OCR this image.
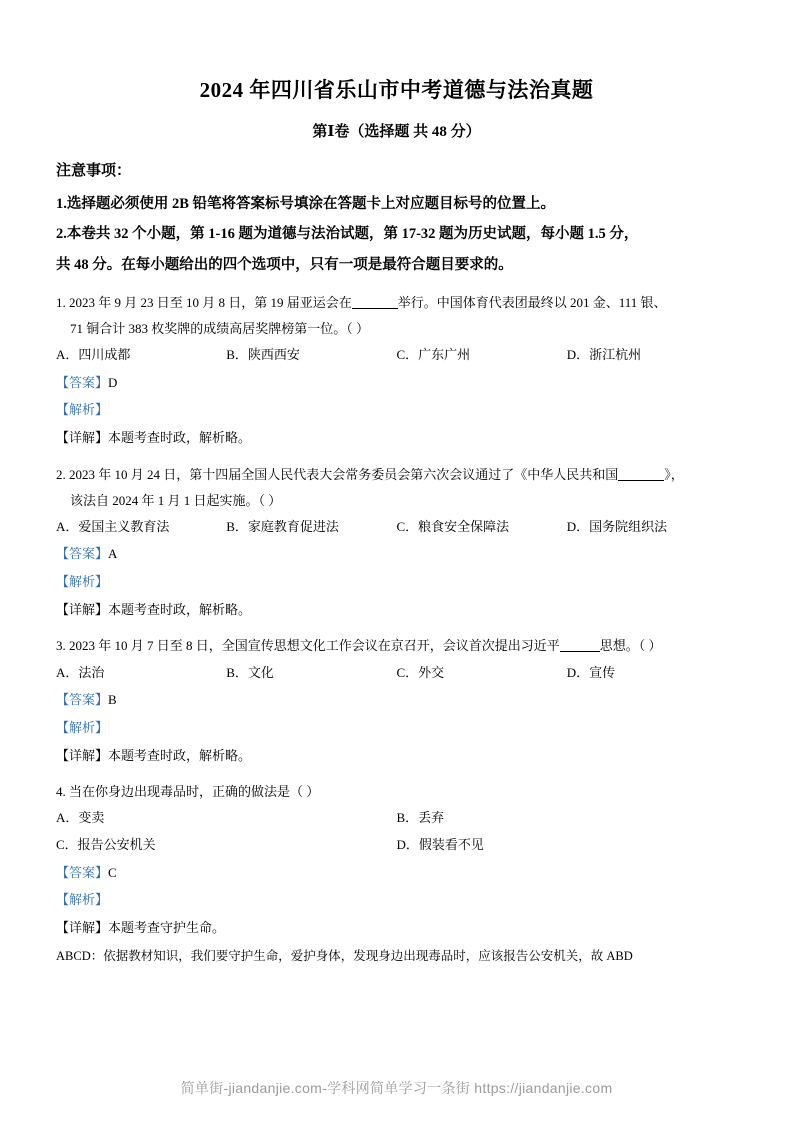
2024 年四川省乐山市中考道德与法治真题
第Ⅰ卷（选择题 共 48 分）
注意事项：
1.选择题必须使用 2B 铅笔将答案标号填涂在答题卡上对应题目标号的位置上。
2.本卷共 32 个小题，第 1-16 题为道德与法治试题，第 17-32 题为历史试题，每小题 1.5 分，
共 48 分。在每小题给出的四个选项中，只有一项是最符合题目要求的。
1. 2023 年 9 月 23 日至 10 月 8 日，第 19 届亚运会在	举行。中国体育代表团最终以 201 金、111 银、
71 铜合计 383 枚奖牌的成绩高居奖牌榜第一位。（ ）
A．四川成都	B．陕西西安	C．广东广州	D．浙江杭州
【答案】D
【解析】
【详解】本题考查时政，解析略。
2. 2023 年 10 月 24 日，第十四届全国人民代表大会常务委员会第六次会议通过了《中华人民共和国	》，
该法自 2024 年 1 月 1 日起实施。（ ）
A．爱国主义教育法	B．家庭教育促进法	C．粮食安全保障法	D．国务院组织法
【答案】A
【解析】
【详解】本题考查时政，解析略。
3. 2023 年 10 月 7 日至 8 日，全国宣传思想文化工作会议在京召开，会议首次提出习近平	思想。（ ）
A．法治	B．文化	C．外交	D．宣传
【答案】B
【解析】
【详解】本题考查时政，解析略。
4. 当在你身边出现毒品时，正确的做法是（ ）
A．变卖	B．丢弃
C．报告公安机关	D．假装看不见
【答案】C
【解析】
【详解】本题考查守护生命。
ABCD：依据教材知识，我们要守护生命，爱护身体，发现身边出现毒品时，应该报告公安机关，故 ABD
简单街-jiandanjie.com-学科网简单学习一条街 https://jiandanjie.com
